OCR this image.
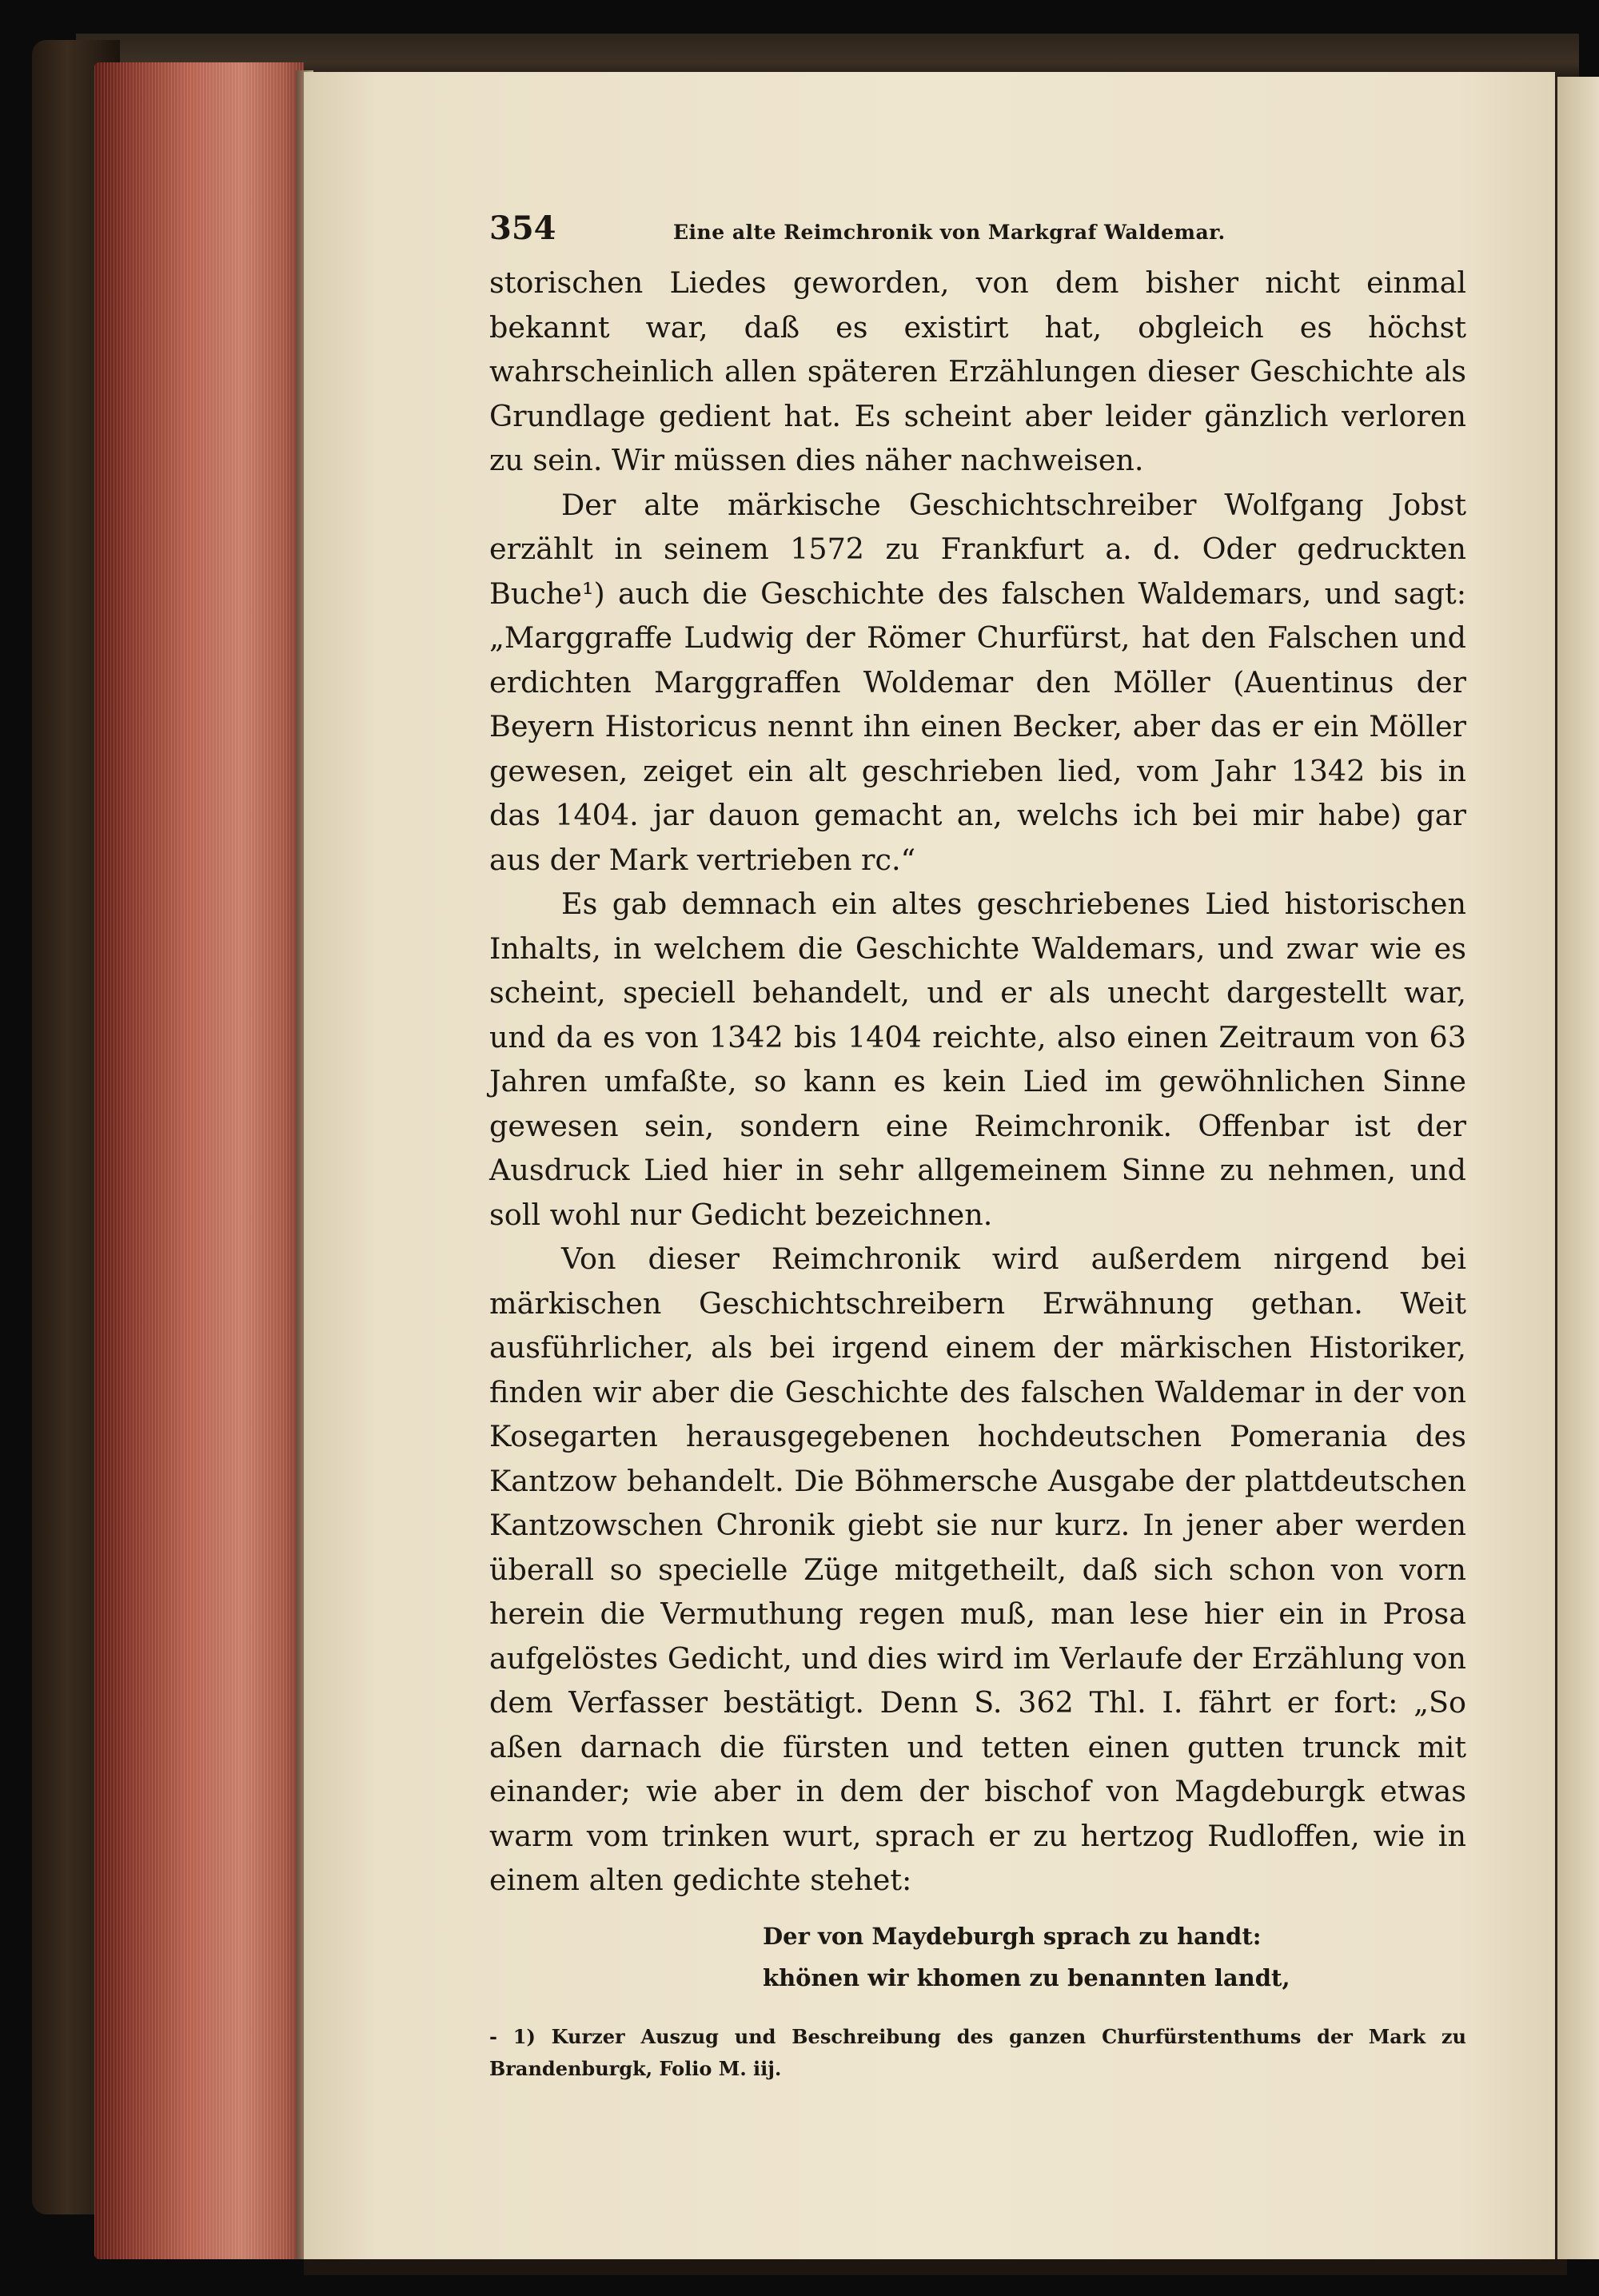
354	Eine alte Reimchronik von Markgraf Waldemar.

storischen Liedes geworden, von dem bisher nicht einmal bekannt war, daß es existirt hat, obgleich es höchst wahrscheinlich allen späteren Erzählungen dieser Geschichte als Grundlage gedient hat. Es scheint aber leider gänzlich verloren zu sein. Wir müssen dies näher nachweisen.

Der alte märkische Geschichtschreiber Wolfgang Jobst erzählt in seinem 1572 zu Frankfurt a. d. Oder gedruckten Buche¹) auch die Geschichte des falschen Waldemars, und sagt: „Marggraffe Ludwig der Römer Churfürst, hat den Falschen und erdichten Marggraffen Woldemar den Möller (Auentinus der Beyern Historicus nennt ihn einen Becker, aber das er ein Möller gewesen, zeiget ein alt geschrieben lied, vom Jahr 1342 bis in das 1404. jar dauon gemacht an, welchs ich bei mir habe) gar aus der Mark vertrieben rc.“

Es gab demnach ein altes geschriebenes Lied historischen Inhalts, in welchem die Geschichte Waldemars, und zwar wie es scheint, speciell behandelt, und er als unecht dargestellt war, und da es von 1342 bis 1404 reichte, also einen Zeitraum von 63 Jahren umfaßte, so kann es kein Lied im gewöhnlichen Sinne gewesen sein, sondern eine Reimchronik. Offenbar ist der Ausdruck Lied hier in sehr allgemeinem Sinne zu nehmen, und soll wohl nur Gedicht bezeichnen.

Von dieser Reimchronik wird außerdem nirgend bei märkischen Geschichtschreibern Erwähnung gethan. Weit ausführlicher, als bei irgend einem der märkischen Historiker, finden wir aber die Geschichte des falschen Waldemar in der von Kosegarten herausgegebenen hochdeutschen Pomerania des Kantzow behandelt. Die Böhmersche Ausgabe der plattdeutschen Kantzowschen Chronik giebt sie nur kurz. In jener aber werden überall so specielle Züge mitgetheilt, daß sich schon von vorn herein die Vermuthung regen muß, man lese hier ein in Prosa aufgelöstes Gedicht, und dies wird im Verlaufe der Erzählung von dem Verfasser bestätigt. Denn S. 362 Thl. I. fährt er fort: „So aßen darnach die fürsten und tetten einen gutten trunck mit einander; wie aber in dem der bischof von Magdeburgk etwas warm vom trinken wurt, sprach er zu hertzog Rudloffen, wie in einem alten gedichte stehet:

Der von Maydeburgh sprach zu handt:
khönen wir khomen zu benannten landt,
- 1) Kurzer Auszug und Beschreibung des ganzen Churfürstenthums der Mark zu Brandenburgk, Folio M. iij.
